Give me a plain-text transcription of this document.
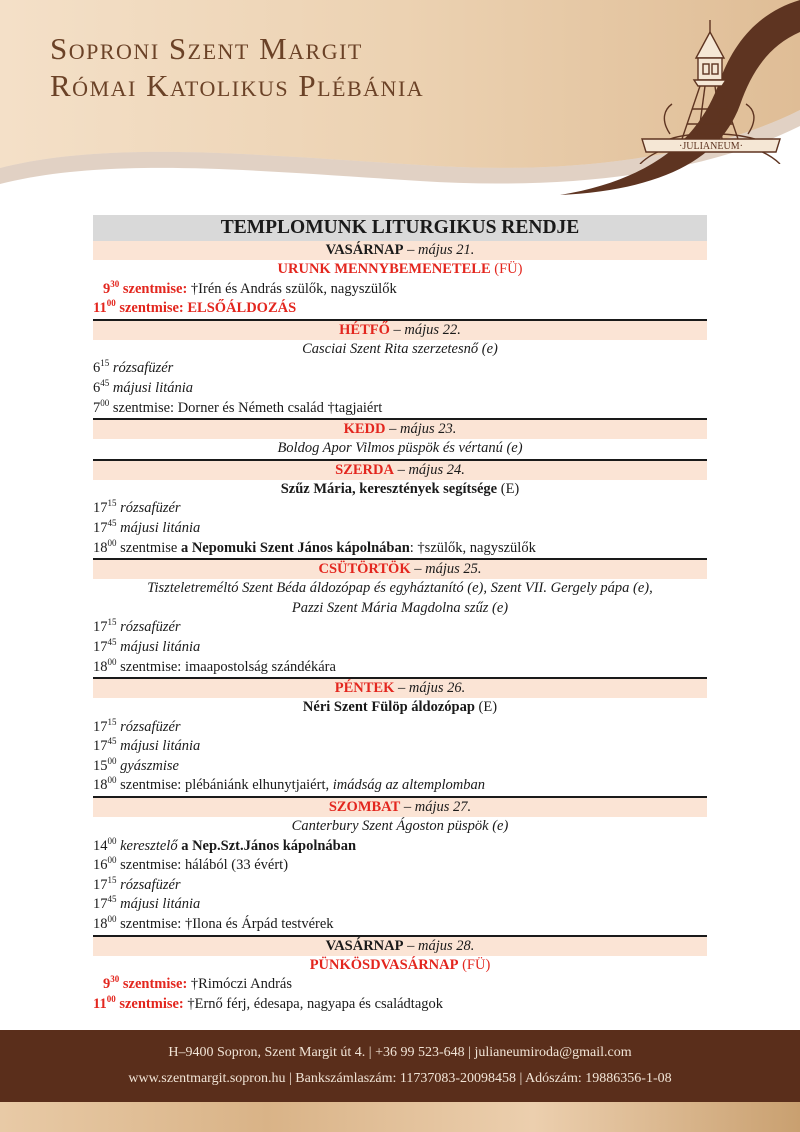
Soproni Szent Margit
Római Katolikus Plébánia
·JULIANEUM·
TEMPLOMUNK LITURGIKUS RENDJE
VASÁRNAP – május 21.
URUNK MENNYBEMENETELE (FÜ)
$9^{30}$ szentmise: †Irén és András szülők, nagyszülők
$11^{00}$ szentmise: ELSŐÁLDOZÁS
HÉTFŐ – május 22.
Casciai Szent Rita szerzetesnő (e)
$6^{15}$ rózsafüzér
$6^{45}$ májusi litánia
$7^{00}$ szentmise: Dorner és Németh család †tagjaiért
KEDD – május 23.
Boldog Apor Vilmos püspök és vértanú (e)
SZERDA – május 24.
Szűz Mária, keresztények segítsége (E)
$17^{15}$ rózsafüzér
$17^{45}$ májusi litánia
$18^{00}$ szentmise a Nepomuki Szent János kápolnában: †szülők, nagyszülők
CSÜTÖRTÖK – május 25.
Tiszteletreméltó Szent Béda áldozópap és egyháztanító (e), Szent VII. Gergely pápa (e),
Pazzi Szent Mária Magdolna szűz (e)
$17^{15}$ rózsafüzér
$17^{45}$ májusi litánia
$18^{00}$ szentmise: imaapostolság szándékára
PÉNTEK – május 26.
Néri Szent Fülöp áldozópap (E)
$17^{15}$ rózsafüzér
$17^{45}$ májusi litánia
$15^{00}$ gyászmise
$18^{00}$ szentmise: plébániánk elhunytjaiért, imádság az altemplomban
SZOMBAT – május 27.
Canterbury Szent Ágoston püspök (e)
$14^{00}$ keresztelő a Nep.Szt.János kápolnában
$16^{00}$ szentmise: hálából (33 évért)
$17^{15}$ rózsafüzér
$17^{45}$ májusi litánia
$18^{00}$ szentmise: †Ilona és Árpád testvérek
VASÁRNAP – május 28.
PÜNKÖSDVASÁRNAP (FÜ)
$9^{30}$ szentmise: †Rimóczi András
$11^{00}$ szentmise: †Ernő férj, édesapa, nagyapa és családtagok
H–9400 Sopron, Szent Margit út 4. | +36 99 523-648 | julianeumiroda@gmail.com
www.szentmargit.sopron.hu | Bankszámlaszám: 11737083-20098458 | Adószám: 19886356-1-08
